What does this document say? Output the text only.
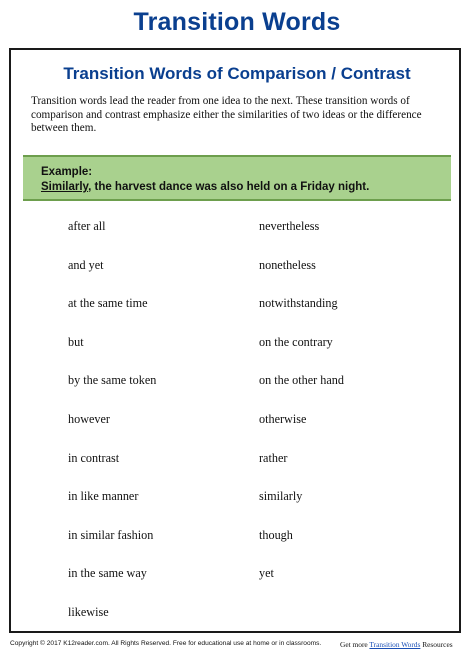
Transition Words
Transition Words of Comparison / Contrast
Transition words lead the reader from one idea to the next. These transition words of comparison and contrast emphasize either the similarities of two ideas or the difference between them.
Example:
Similarly, the harvest dance was also held on a Friday night.
after all
and yet
at the same time
but
by the same token
however
in contrast
in like manner
in similar fashion
in the same way
likewise
nevertheless
nonetheless
notwithstanding
on the contrary
on the other hand
otherwise
rather
similarly
though
yet
Copyright © 2017 K12reader.com. All Rights Reserved. Free for educational use at home or in classrooms.	Get more Transition Words Resources
